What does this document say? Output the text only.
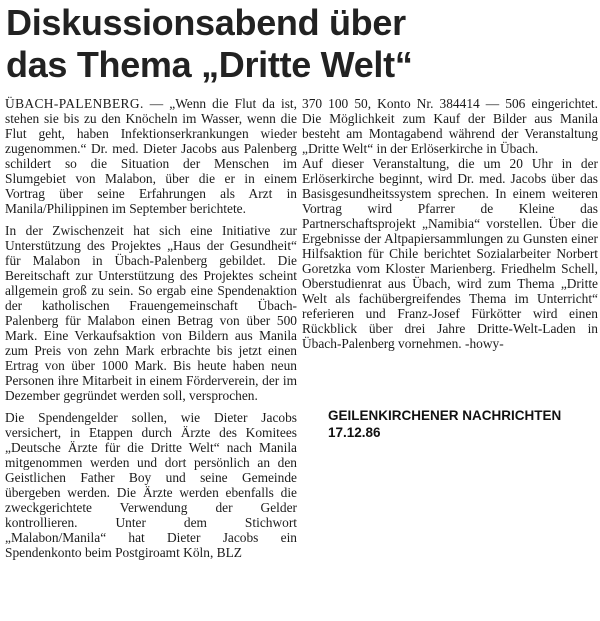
Diskussionsabend über
das Thema „Dritte Welt“

ÜBACH-PALENBERG. — „Wenn die Flut da ist, stehen sie bis zu den Knöcheln im Wasser, wenn die Flut geht, haben Infektionserkrankungen wieder zugenommen.“ Dr. med. Dieter Jacobs aus Palenberg schildert so die Situation der Menschen im Slumgebiet von Malabon, über die er in einem Vortrag über seine Erfahrungen als Arzt in Manila/Philippinen im September berichtete.

In der Zwischenzeit hat sich eine Initiative zur Unterstützung des Projektes „Haus der Gesundheit“ für Malabon in Übach-Palenberg gebildet. Die Bereitschaft zur Unterstützung des Projektes scheint allgemein groß zu sein. So ergab eine Spendenaktion der katholischen Frauengemeinschaft Übach-Palenberg für Malabon einen Betrag von über 500 Mark. Eine Verkaufsaktion von Bildern aus Manila zum Preis von zehn Mark erbrachte bis jetzt einen Ertrag von über 1000 Mark. Bis heute haben neun Personen ihre Mitarbeit in einem Förderverein, der im Dezember gegründet werden soll, versprochen.

Die Spendengelder sollen, wie Dieter Jacobs versichert, in Etappen durch Ärzte des Komitees „Deutsche Ärzte für die Dritte Welt“ nach Manila mitgenommen werden und dort persönlich an den Geistlichen Father Boy und seine Gemeinde übergeben werden. Die Ärzte werden ebenfalls die zweckgerichtete Verwendung der Gelder kontrollieren. Unter dem Stichwort „Malabon/Manila“ hat Dieter Jacobs ein Spendenkonto beim Postgiroamt Köln, BLZ

370 100 50, Konto Nr. 384414 — 506 eingerichtet. Die Möglichkeit zum Kauf der Bilder aus Manila besteht am Montagabend während der Veranstaltung „Dritte Welt“ in der Erlöserkirche in Übach.

Auf dieser Veranstaltung, die um 20 Uhr in der Erlöserkirche beginnt, wird Dr. med. Jacobs über das Basisgesundheitssystem sprechen. In einem weiteren Vortrag wird Pfarrer de Kleine das Partnerschaftsprojekt „Namibia“ vorstellen. Über die Ergebnisse der Altpapiersammlungen zu Gunsten einer Hilfsaktion für Chile berichtet Sozialarbeiter Norbert Goretzka vom Kloster Marienberg. Friedhelm Schell, Oberstudienrat aus Übach, wird zum Thema „Dritte Welt als fachübergreifendes Thema im Unterricht“ referieren und Franz-Josef Fürkötter wird einen Rückblick über drei Jahre Dritte-Welt-Laden in Übach-Palenberg vornehmen. -howy-

GEILENKIRCHENER NACHRICHTEN
17.12.86
